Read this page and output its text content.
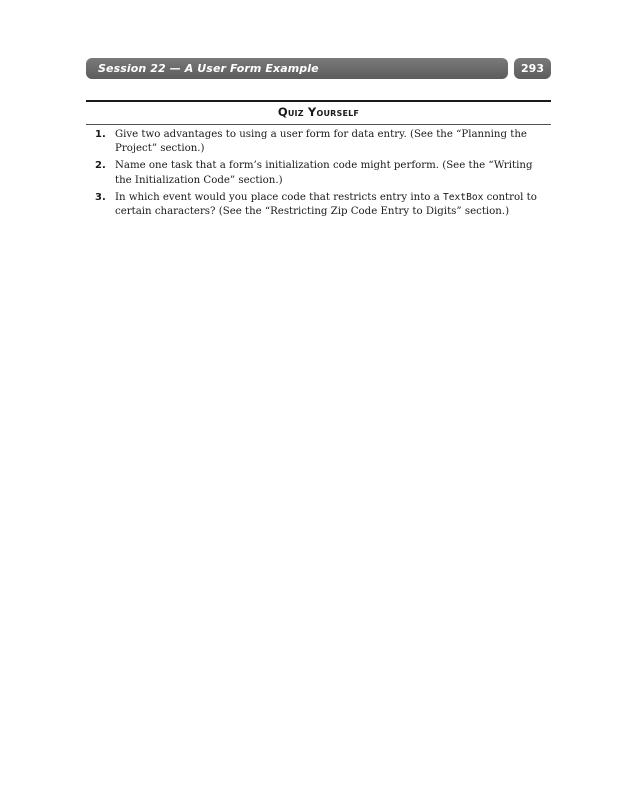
Session 22 — A User Form Example	293
Quiz Yourself
1. Give two advantages to using a user form for data entry. (See the “Planning the Project” section.)
2. Name one task that a form’s initialization code might perform. (See the “Writing the Initialization Code” section.)
3. In which event would you place code that restricts entry into a TextBox control to certain characters? (See the “Restricting Zip Code Entry to Digits” section.)
